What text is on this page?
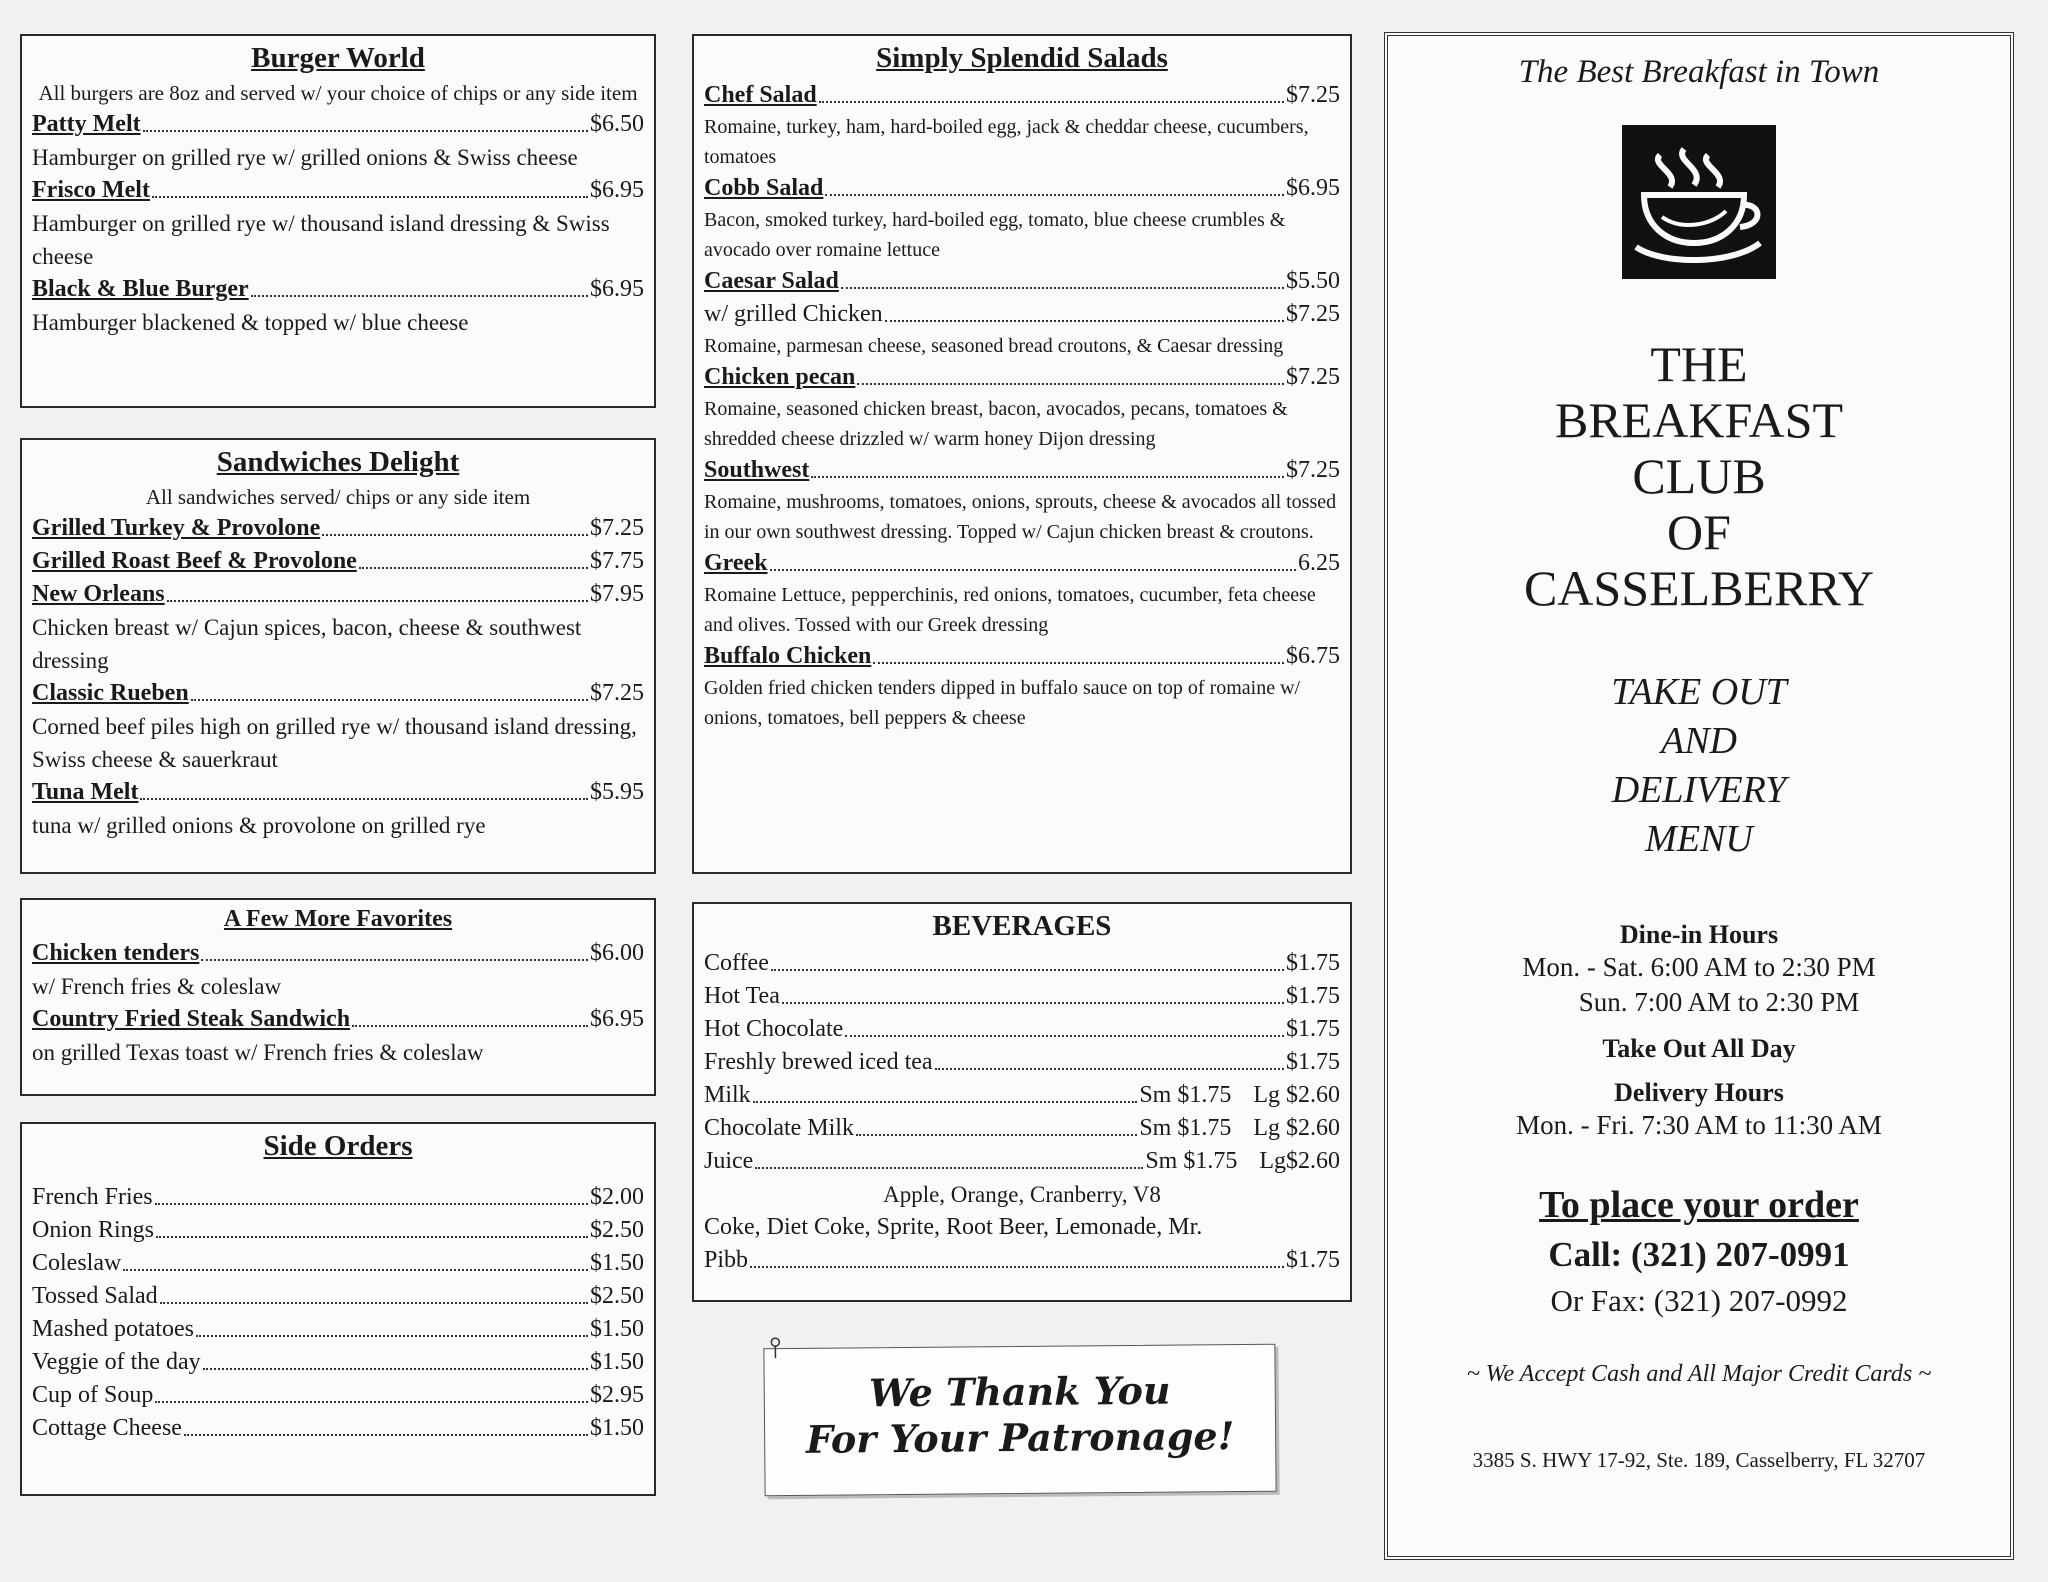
Burger World
All burgers are 8oz and served w/ your choice of chips or any side item
Patty Melt	$6.50
Hamburger on grilled rye w/ grilled onions & Swiss cheese
Frisco Melt	$6.95
Hamburger on grilled rye w/ thousand island dressing & Swiss cheese
Black & Blue Burger	$6.95
Hamburger blackened & topped w/ blue cheese
Sandwiches Delight
All sandwiches served/ chips or any side item
Grilled Turkey & Provolone	$7.25
Grilled Roast Beef & Provolone	$7.75
New Orleans	$7.95
Chicken breast w/ Cajun spices, bacon, cheese & southwest dressing
Classic Rueben	$7.25
Corned beef piles high on grilled rye w/ thousand island dressing, Swiss cheese & sauerkraut
Tuna Melt	$5.95
tuna w/ grilled onions & provolone on grilled rye
A Few More Favorites
Chicken tenders	$6.00
w/ French fries & coleslaw
Country Fried Steak Sandwich	$6.95
on grilled Texas toast w/ French fries & coleslaw
Side Orders
French Fries	$2.00
Onion Rings	$2.50
Coleslaw	$1.50
Tossed Salad	$2.50
Mashed potatoes	$1.50
Veggie of the day	$1.50
Cup of Soup	$2.95
Cottage Cheese	$1.50
Simply Splendid Salads
Chef Salad	$7.25
Romaine, turkey, ham, hard-boiled egg, jack & cheddar cheese, cucumbers, tomatoes
Cobb Salad	$6.95
Bacon, smoked turkey, hard-boiled egg, tomato, blue cheese crumbles & avocado over romaine lettuce
Caesar Salad	$5.50
w/ grilled Chicken	$7.25
Romaine, parmesan cheese, seasoned bread croutons, & Caesar dressing
Chicken pecan	$7.25
Romaine, seasoned chicken breast, bacon, avocados, pecans, tomatoes & shredded cheese drizzled w/ warm honey Dijon dressing
Southwest	$7.25
Romaine, mushrooms, tomatoes, onions, sprouts, cheese & avocados all tossed in our own southwest dressing. Topped w/ Cajun chicken breast & croutons.
Greek	6.25
Romaine Lettuce, pepperchinis, red onions, tomatoes, cucumber, feta cheese and olives. Tossed with our Greek dressing
Buffalo Chicken	$6.75
Golden fried chicken tenders dipped in buffalo sauce on top of romaine w/ onions, tomatoes, bell peppers & cheese
BEVERAGES
Coffee	$1.75
Hot Tea	$1.75
Hot Chocolate	$1.75
Freshly brewed iced tea	$1.75
Milk	Sm $1.75 Lg $2.60
Chocolate Milk	Sm $1.75 Lg $2.60
Juice	Sm $1.75 Lg$2.60
Apple, Orange, Cranberry, V8
Coke, Diet Coke, Sprite, Root Beer, Lemonade, Mr.
Pibb	$1.75
We Thank You
For Your Patronage!
The Best Breakfast in Town
THE
BREAKFAST
CLUB
OF
CASSELBERRY
TAKE OUT
AND
DELIVERY
MENU
Dine-in Hours
Mon. - Sat. 6:00 AM to 2:30 PM
Sun. 7:00 AM to 2:30 PM
Take Out All Day
Delivery Hours
Mon. - Fri. 7:30 AM to 11:30 AM
To place your order
Call: (321) 207-0991
Or Fax: (321) 207-0992
~ We Accept Cash and All Major Credit Cards ~
3385 S. HWY 17-92, Ste. 189, Casselberry, FL 32707
